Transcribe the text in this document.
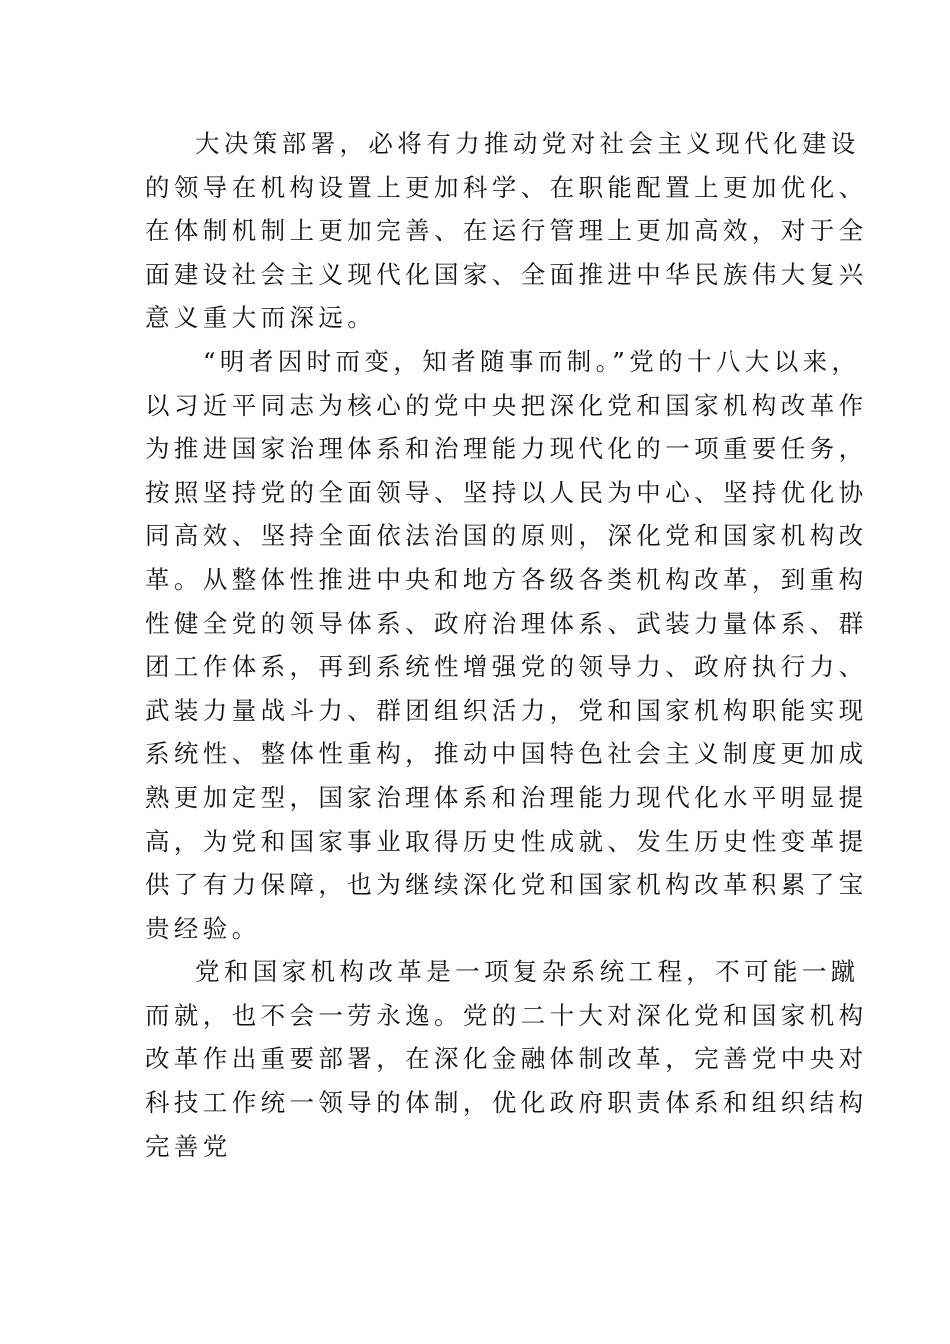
大决策部署，必将有力推动党对社会主义现代化建设
的领导在机构设置上更加科学、在职能配置上更加优化、
在体制机制上更加完善、在运行管理上更加高效，对于全
面建设社会主义现代化国家、全面推进中华民族伟大复兴
意义重大而深远。
“明者因时而变，知者随事而制。”党的十八大以来，
以习近平同志为核心的党中央把深化党和国家机构改革作
为推进国家治理体系和治理能力现代化的一项重要任务，
按照坚持党的全面领导、坚持以人民为中心、坚持优化协
同高效、坚持全面依法治国的原则，深化党和国家机构改
革。从整体性推进中央和地方各级各类机构改革，到重构
性健全党的领导体系、政府治理体系、武装力量体系、群
团工作体系，再到系统性增强党的领导力、政府执行力、
武装力量战斗力、群团组织活力，党和国家机构职能实现
系统性、整体性重构，推动中国特色社会主义制度更加成
熟更加定型，国家治理体系和治理能力现代化水平明显提
高，为党和国家事业取得历史性成就、发生历史性变革提
供了有力保障，也为继续深化党和国家机构改革积累了宝
贵经验。
党和国家机构改革是一项复杂系统工程，不可能一蹴
而就，也不会一劳永逸。党的二十大对深化党和国家机构
改革作出重要部署，在深化金融体制改革，完善党中央对
科技工作统一领导的体制，优化政府职责体系和组织结构
完善党
